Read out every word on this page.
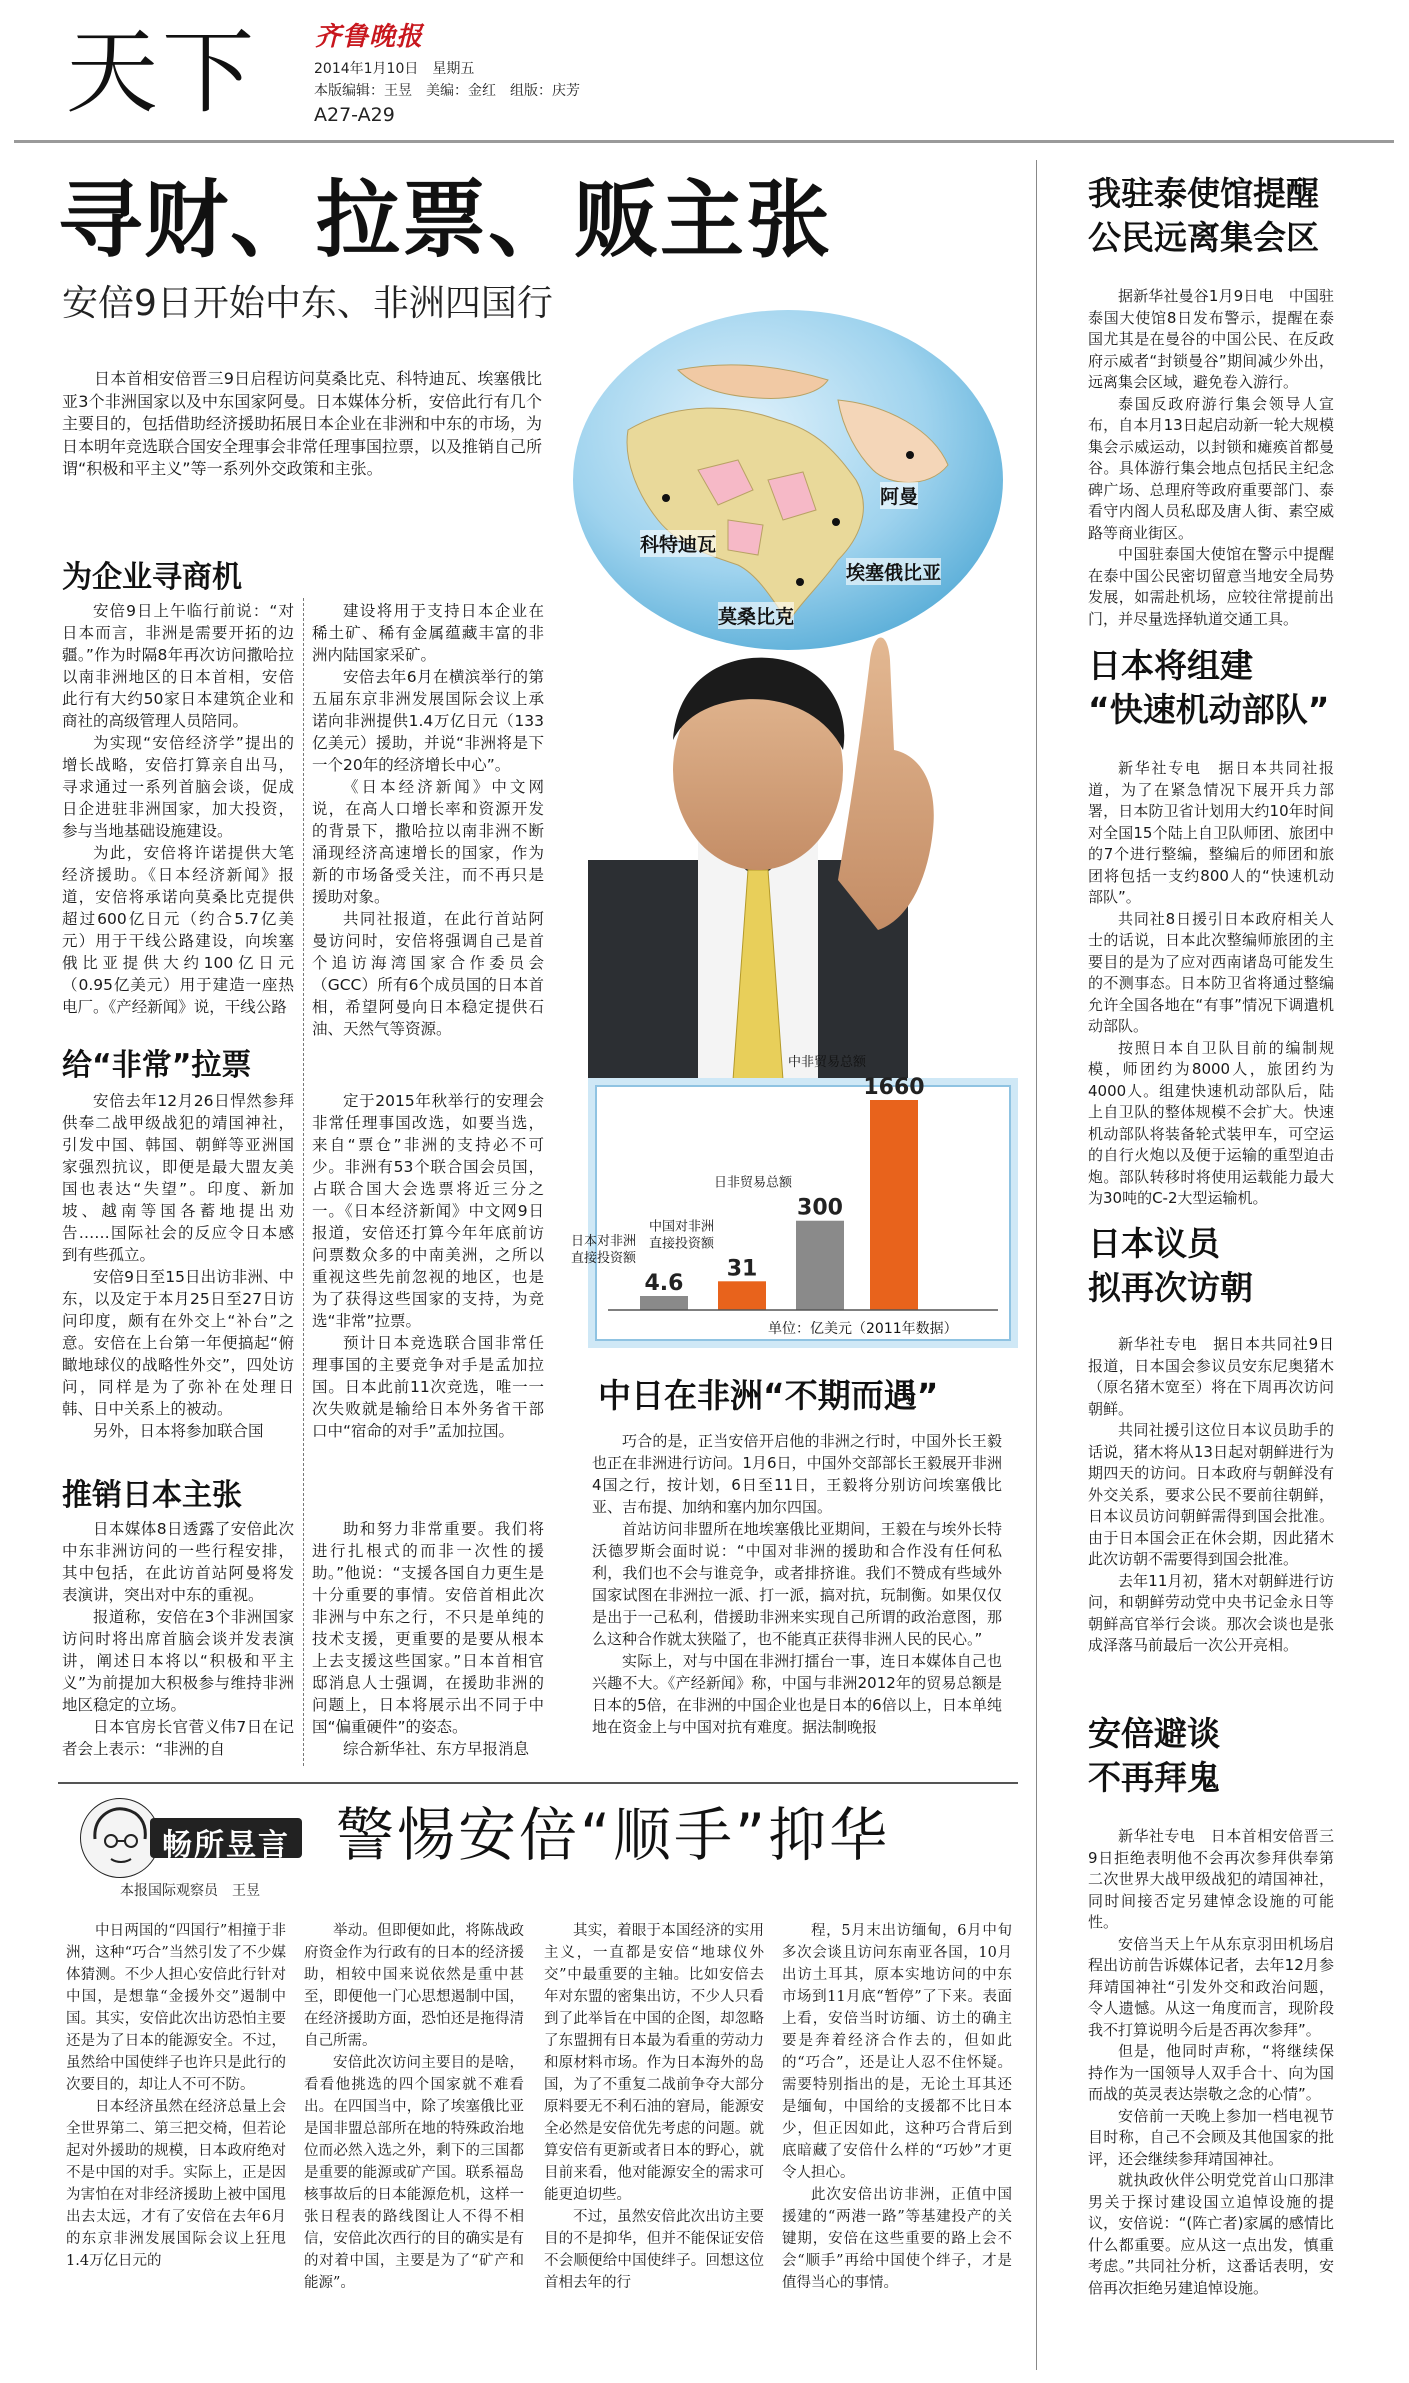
天下 齐鲁晚报
2014年1月10日　星期五
本版编辑：王昱　美编：金红　组版：庆芳
A27-A29
寻财、拉票、贩主张
安倍9日开始中东、非洲四国行

日本首相安倍晋三9日启程访问莫桑比克、科特迪瓦、埃塞俄比亚3个非洲国家以及中东国家阿曼。日本媒体分析，安倍此行有几个主要目的，包括借助经济援助拓展日本企业在非洲和中东的市场，为日本明年竞选联合国安全理事会非常任理事国拉票，以及推销自己所谓“积极和平主义”等一系列外交政策和主张。

为企业寻商机

安倍9日上午临行前说：“对日本而言，非洲是需要开拓的边疆。”作为时隔8年再次访问撒哈拉以南非洲地区的日本首相，安倍此行有大约50家日本建筑企业和商社的高级管理人员陪同。

为实现“安倍经济学”提出的增长战略，安倍打算亲自出马，寻求通过一系列首脑会谈，促成日企进驻非洲国家，加大投资，参与当地基础设施建设。

为此，安倍将许诺提供大笔经济援助。《日本经济新闻》报道，安倍将承诺向莫桑比克提供超过600亿日元（约合5.7亿美元）用于干线公路建设，向埃塞俄比亚提供大约100亿日元（0.95亿美元）用于建造一座热电厂。《产经新闻》说，干线公路

建设将用于支持日本企业在稀土矿、稀有金属蕴藏丰富的非洲内陆国家采矿。

安倍去年6月在横滨举行的第五届东京非洲发展国际会议上承诺向非洲提供1.4万亿日元（133亿美元）援助，并说“非洲将是下一个20年的经济增长中心”。

《日本经济新闻》中文网说，在高人口增长率和资源开发的背景下，撒哈拉以南非洲不断涌现经济高速增长的国家，作为新的市场备受关注，而不再只是援助对象。

共同社报道，在此行首站阿曼访问时，安倍将强调自己是首个追访海湾国家合作委员会（GCC）所有6个成员国的日本首相，希望阿曼向日本稳定提供石油、天然气等资源。

给“非常”拉票

安倍去年12月26日悍然参拜供奉二战甲级战犯的靖国神社，引发中国、韩国、朝鲜等亚洲国家强烈抗议，即便是最大盟友美国也表达“失望”。印度、新加坡、越南等国各蓄地提出劝告……国际社会的反应令日本感到有些孤立。

安倍9日至15日出访非洲、中东，以及定于本月25日至27日访问印度，颇有在外交上“补台”之意。安倍在上台第一年便搞起“俯瞰地球仪的战略性外交”，四处访问，同样是为了弥补在处理日韩、日中关系上的被动。

另外，日本将参加联合国

定于2015年秋举行的安理会非常任理事国改选，如要当选，来自“票仓”非洲的支持必不可少。非洲有53个联合国会员国，占联合国大会选票将近三分之一。《日本经济新闻》中文网9日报道，安倍还打算今年年底前访问票数众多的中南美洲，之所以重视这些先前忽视的地区，也是为了获得这些国家的支持，为竞选“非常”拉票。

预计日本竞选联合国非常任理事国的主要竞争对手是孟加拉国。日本此前11次竞选，唯一一次失败就是输给日本外务省干部口中“宿命的对手”孟加拉国。

推销日本主张

日本媒体8日透露了安倍此次中东非洲访问的一些行程安排，其中包括，在此访首站阿曼将发表演讲，突出对中东的重视。

报道称，安倍在3个非洲国家访问时将出席首脑会谈并发表演讲，阐述日本将以“积极和平主义”为前提加大积极参与维持非洲地区稳定的立场。

日本官房长官菅义伟7日在记者会上表示：“非洲的自

助和努力非常重要。我们将进行扎根式的而非一次性的援助。”他说：“支援各国自力更生是十分重要的事情。安倍首相此次非洲与中东之行，不只是单纯的技术支援，更重要的是要从根本上去支援这些国家。”日本首相官邸消息人士强调，在援助非洲的问题上，日本将展示出不同于中国“偏重硬件”的姿态。

综合新华社、东方早报消息

阿曼
科特迪瓦
埃塞俄比亚
莫桑比克
4.6
日本对非洲
直接投资额	31
中国对非洲
直接投资额
300
日非贸易总额
1660
中非贸易总额
单位：亿美元（2011年数据）
中日在非洲“不期而遇”

巧合的是，正当安倍开启他的非洲之行时，中国外长王毅也正在非洲进行访问。1月6日，中国外交部部长王毅展开非洲4国之行，按计划，6日至11日，王毅将分别访问埃塞俄比亚、吉布提、加纳和塞内加尔四国。

首站访问非盟所在地埃塞俄比亚期间，王毅在与埃外长特沃德罗斯会面时说：“中国对非洲的援助和合作没有任何私利，我们也不会与谁竞争，或者排挤谁。我们不赞成有些域外国家试图在非洲拉一派、打一派，搞对抗，玩制衡。如果仅仅是出于一己私利，借援助非洲来实现自己所谓的政治意图，那么这种合作就太狭隘了，也不能真正获得非洲人民的民心。”

实际上，对与中国在非洲打擂台一事，连日本媒体自己也兴趣不大。《产经新闻》称，中国与非洲2012年的贸易总额是日本的5倍，在非洲的中国企业也是日本的6倍以上，日本单纯地在资金上与中国对抗有难度。据法制晚报

我驻泰使馆提醒
公民远离集会区

据新华社曼谷1月9日电　中国驻泰国大使馆8日发布警示，提醒在泰国尤其是在曼谷的中国公民、在反政府示威者“封锁曼谷”期间减少外出，远离集会区域，避免卷入游行。

泰国反政府游行集会领导人宣布，自本月13日起启动新一轮大规模集会示威运动，以封锁和瘫痪首都曼谷。具体游行集会地点包括民主纪念碑广场、总理府等政府重要部门、泰看守内阁人员私邸及唐人街、素空威路等商业街区。

中国驻泰国大使馆在警示中提醒在泰中国公民密切留意当地安全局势发展，如需赴机场，应较往常提前出门，并尽量选择轨道交通工具。

日本将组建
“快速机动部队”

新华社专电　据日本共同社报道，为了在紧急情况下展开兵力部署，日本防卫省计划用大约10年时间对全国15个陆上自卫队师团、旅团中的7个进行整编，整编后的师团和旅团将包括一支约800人的“快速机动部队”。

共同社8日援引日本政府相关人士的话说，日本此次整编师旅团的主要目的是为了应对西南诸岛可能发生的不测事态。日本防卫省将通过整编允许全国各地在“有事”情况下调遣机动部队。

按照日本自卫队目前的编制规模，师团约为8000人，旅团约为4000人。组建快速机动部队后，陆上自卫队的整体规模不会扩大。快速机动部队将装备轮式装甲车，可空运的自行火炮以及便于运输的重型迫击炮。部队转移时将使用运载能力最大为30吨的C-2大型运输机。

日本议员
拟再次访朝

新华社专电　据日本共同社9日报道，日本国会参议员安东尼奥猪木（原名猪木宽至）将在下周再次访问朝鲜。

共同社援引这位日本议员助手的话说，猪木将从13日起对朝鲜进行为期四天的访问。日本政府与朝鲜没有外交关系，要求公民不要前往朝鲜，日本议员访问朝鲜需得到国会批准。由于日本国会正在休会期，因此猪木此次访朝不需要得到国会批准。

去年11月初，猪木对朝鲜进行访问，和朝鲜劳动党中央书记金永日等朝鲜高官举行会谈。那次会谈也是张成泽落马前最后一次公开亮相。

安倍避谈
不再拜鬼

新华社专电　日本首相安倍晋三9日拒绝表明他不会再次参拜供奉第二次世界大战甲级战犯的靖国神社，同时间接否定另建悼念设施的可能性。

安倍当天上午从东京羽田机场启程出访前告诉媒体记者，去年12月参拜靖国神社“引发外交和政治问题，令人遗憾。从这一角度而言，现阶段我不打算说明今后是否再次参拜”。

但是，他同时声称，“将继续保持作为一国领导人双手合十、向为国而战的英灵表达崇敬之念的心情”。

安倍前一天晚上参加一档电视节目时称，自己不会顾及其他国家的批评，还会继续参拜靖国神社。

就执政伙伴公明党党首山口那津男关于探讨建设国立追悼设施的提议，安倍说：“(阵亡者)家属的感情比什么都重要。应从这一点出发，慎重考虑。”共同社分析，这番话表明，安倍再次拒绝另建追悼设施。

畅所昱言
本报国际观察员　王昱
警惕安倍“顺手”抑华

中日两国的“四国行”相撞于非洲，这种“巧合”当然引发了不少媒体猜测。不少人担心安倍此行针对中国，是想靠“金援外交”遏制中国。其实，安倍此次出访恐怕主要还是为了日本的能源安全。不过，虽然给中国使绊子也许只是此行的次要目的，却让人不可不防。

日本经济虽然在经济总量上会全世界第二、第三把交椅，但若论起对外援助的规模，日本政府绝对不是中国的对手。实际上，正是因为害怕在对非经济援助上被中国甩出去太远，才有了安倍在去年6月的东京非洲发展国际会议上狂甩1.4万亿日元的

举动。但即便如此，将陈战政府资金作为行政有的日本的经济援助，相较中国来说依然是重中甚至，即便他一门心思想遏制中国，在经济援助方面，恐怕还是拖得清自己所需。

安倍此次访问主要目的是啥，看看他挑选的四个国家就不难看出。在四国当中，除了埃塞俄比亚是国非盟总部所在地的特殊政治地位而必然入选之外，剩下的三国都是重要的能源或矿产国。联系福岛核事故后的日本能源危机，这样一张日程表的路线图让人不得不相信，安倍此次西行的目的确实是有的对着中国，主要是为了“矿产和能源”。

其实，着眼于本国经济的实用主义，一直都是安倍“地球仪外交”中最重要的主轴。比如安倍去年对东盟的密集出访，不少人只看到了此举旨在中国的企图，却忽略了东盟拥有日本最为看重的劳动力和原材料市场。作为日本海外的岛国，为了不重复二战前争夺大部分原料要无不利石油的窘局，能源安全必然是安倍优先考虑的问题。就算安倍有更新或者日本的野心，就目前来看，他对能源安全的需求可能更迫切些。

不过，虽然安倍此次出访主要目的不是抑华，但并不能保证安倍不会顺便给中国使绊子。回想这位首相去年的行

程，5月末出访缅甸，6月中旬多次会谈且访问东南亚各国，10月出访土耳其，原本实地访问的中东市场到11月底“暂停”了下来。表面上看，安倍当时访缅、访土的确主要是奔着经济合作去的，但如此的“巧合”，还是让人忍不住怀疑。需要特别指出的是，无论土耳其还是缅甸，中国给的支援都不比日本少，但正因如此，这种巧合背后到底暗藏了安倍什么样的“巧妙”才更令人担心。

此次安倍出访非洲，正值中国援建的“两港一路”等基建投产的关键期，安倍在这些重要的路上会不会“顺手”再给中国使个绊子，才是值得当心的事情。
